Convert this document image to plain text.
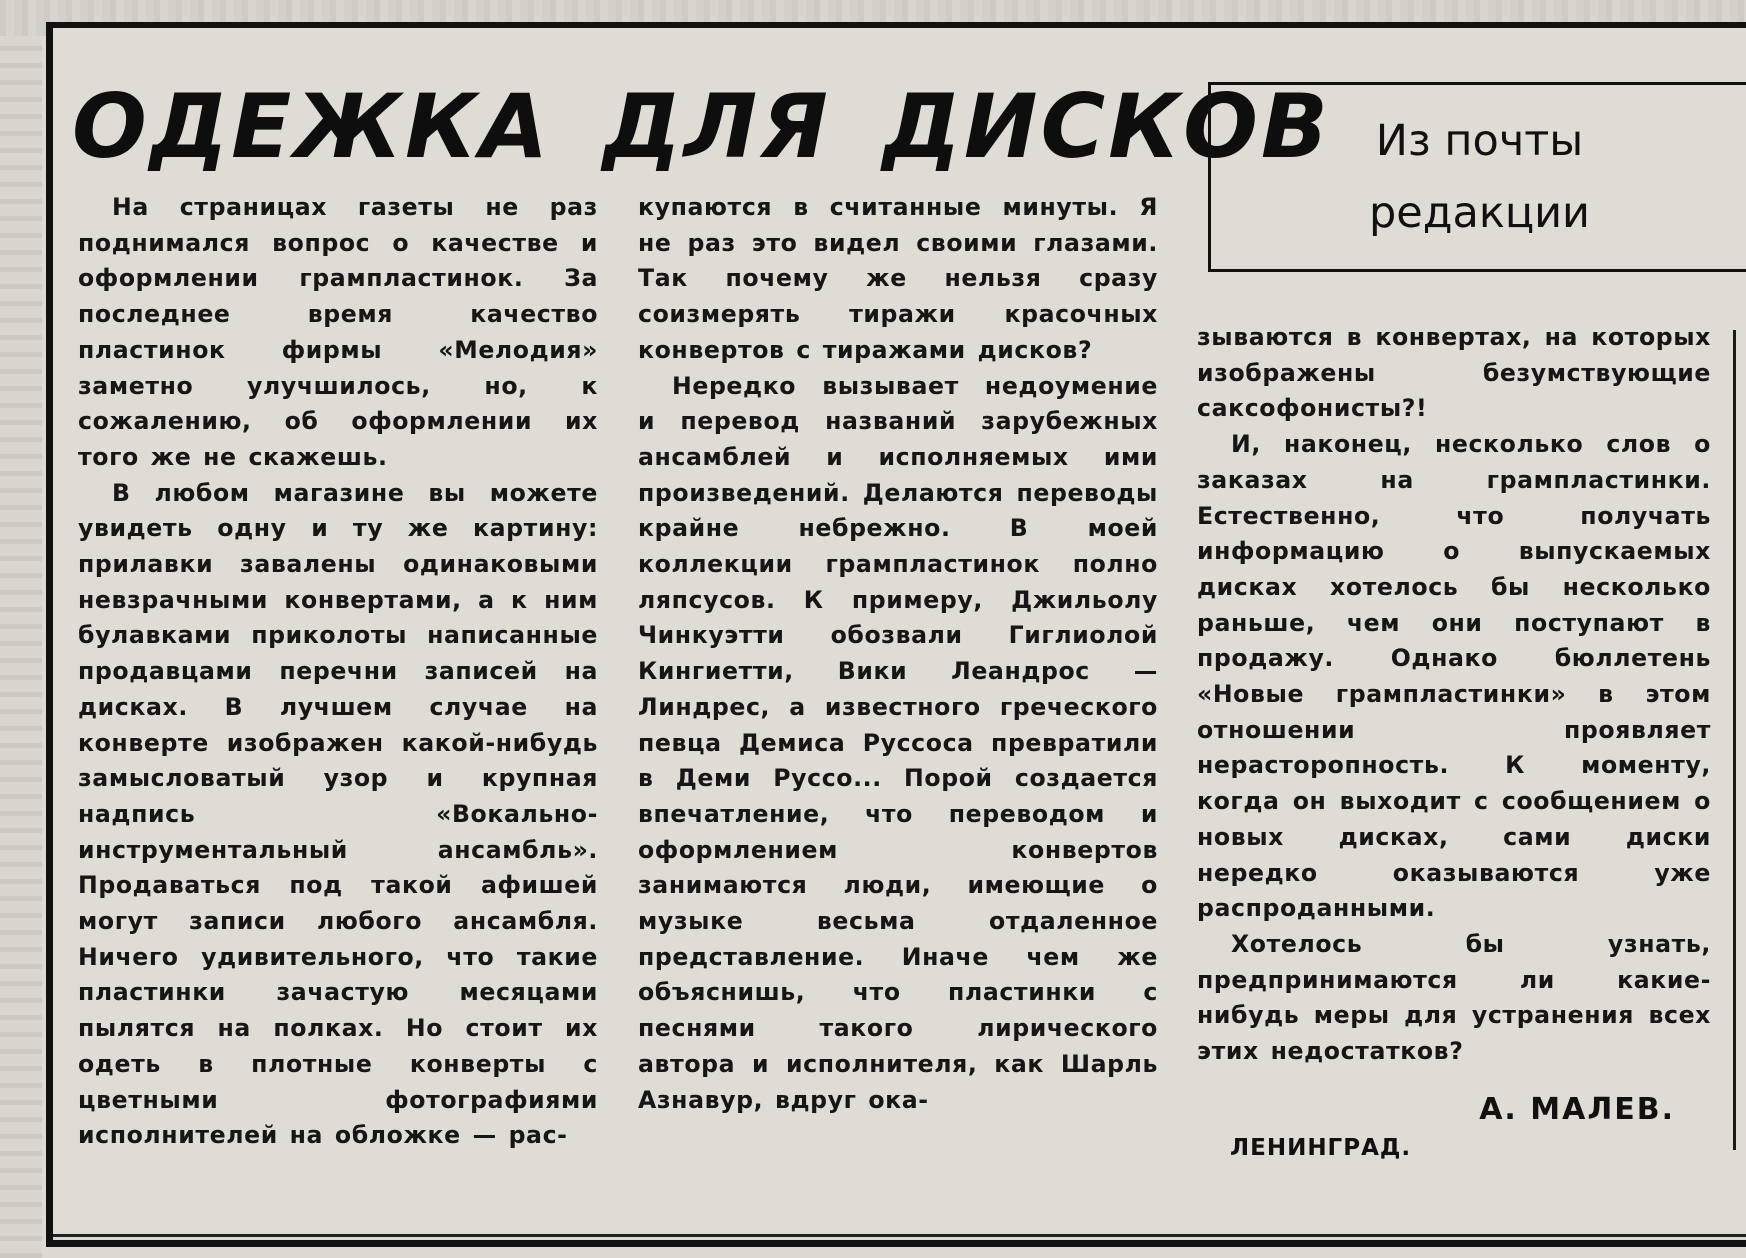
ОДЕЖКА ДЛЯ ДИСКОВ Из почты
редакции

На страницах газеты не раз поднимался вопрос о качестве и оформлении грампластинок. За последнее время качество пластинок фирмы «Мелодия» заметно улучшилось, но, к сожалению, об оформлении их того же не скажешь.

В любом магазине вы можете увидеть одну и ту же картину: прилавки завалены одинаковыми невзрачными конвертами, а к ним булавками приколоты написанные продавцами перечни записей на дисках. В лучшем случае на конверте изображен какой-нибудь замысловатый узор и крупная надпись «Вокально-инструментальный ансамбль». Продаваться под такой афишей могут записи любого ансамбля. Ничего удивительного, что такие пластинки зачастую месяцами пылятся на полках. Но стоит их одеть в плотные конверты с цветными фотографиями исполнителей на обложке — рас-

купаются в считанные минуты. Я не раз это видел своими глазами. Так почему же нельзя сразу соизмерять тиражи красочных конвертов с тиражами дисков?

Нередко вызывает недоумение и перевод названий зарубежных ансамблей и исполняемых ими произведений. Делаются переводы крайне небрежно. В моей коллекции грампластинок полно ляпсусов. К примеру, Джильолу Чинкуэтти обозвали Гиглиолой Кингиетти, Вики Леандрос — Линдрес, а известного греческого певца Демиса Руссоса превратили в Деми Руссо... Порой создается впечатление, что переводом и оформлением конвертов занимаются люди, имеющие о музыке весьма отдаленное представление. Иначе чем же объяснишь, что пластинки с песнями такого лирического автора и исполнителя, как Шарль Азнавур, вдруг ока-

зываются в конвертах, на которых изображены безумствующие саксофонисты?!

И, наконец, несколько слов о заказах на грампластинки. Естественно, что получать информацию о выпускаемых дисках хотелось бы несколько раньше, чем они поступают в продажу. Однако бюллетень «Новые грампластинки» в этом отношении проявляет нерасторопность. К моменту, когда он выходит с сообщением о новых дисках, сами диски нередко оказываются уже распроданными.

Хотелось бы узнать, предпринимаются ли какие-нибудь меры для устранения всех этих недостатков?

А. МАЛЕВ.

ЛЕНИНГРАД.
